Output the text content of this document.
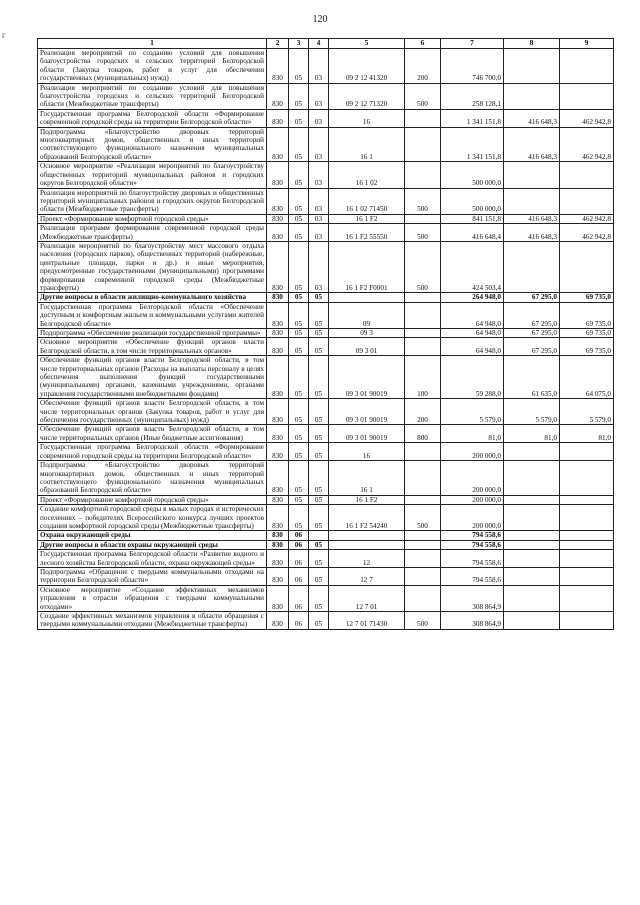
120
г
1	2	3	4	5	6	7	8	9
Реализация мероприятий по созданию условий для повышения благоустройства городских и сельских территорий Белгородской области (Закупка товаров, работ и услуг для обеспечения государственных (муниципальных) нужд)	830	05	03	09 2 12 41320	200	746 700,0		
Реализация мероприятий по созданию условий для повышения благоустройства городских и сельских территорий Белгородской области (Межбюджетные трансферты)	830	05	03	09 2 12 71320	500	258 128,1		
Государственная программа Белгородской области «Формирование современной городской среды на территории Белгородской области»	830	05	03	16		1 341 151,8	416 648,3	462 942,8
Подпрограмма «Благоустройство дворовых территорий многоквартирных домов, общественных и иных территорий соответствующего функционального назначения муниципальных образований Белгородской области»	830	05	03	16 1		1 341 151,8	416 648,3	462 942,8
Основное мероприятие «Реализация мероприятий по благоустройству общественных территорий муниципальных районов и городских округов Белгородской области»	830	05	03	16 1 02		500 000,0		
Реализация мероприятий по благоустройству дворовых и общественных территорий муниципальных районов и городских округов Белгородской области (Межбюджетные трансферты)	830	05	03	16 1 02 71450	500	500 000,0		
Проект «Формирование комфортной городской среды»	830	05	03	16 1 F2		841 151,8	416 648,3	462 942,8
Реализация программ формирования современной городской среды (Межбюджетные трансферты)	830	05	03	16 1 F2 55550	500	416 648,4	416 648,3	462 942,8
Реализация мероприятий по благоустройству мест массового отдыха населения (городских парков), общественных территорий (набережные, центральные площади, парки и др.) и иные мероприятия, предусмотренные государственными (муниципальными) программами формирования современной городской среды (Межбюджетные трансферты)	830	05	03	16 1 F2 F0001	500	424 503,4		
Другие вопросы в области жилищно-коммунального хозяйства	830	05	05			264 948,0	67 295,0	69 735,0
Государственная программа Белгородской области «Обеспечение доступным и комфортным жильем и коммунальными услугами жителей Белгородской области»	830	05	05	09		64 948,0	67 295,0	69 735,0
Подпрограмма «Обеспечение реализации государственной программы»	830	05	05	09 3		64 948,0	67 295,0	69 735,0
Основное мероприятие «Обеспечение функций органов власти Белгородской области, в том числе территориальных органов»	830	05	05	09 3 01		64 948,0	67 295,0	69 735,0
Обеспечение функций органов власти Белгородской области, в том числе территориальных органов (Расходы на выплаты персоналу в целях обеспечения выполнения функций государственными (муниципальными) органами, казенными учреждениями, органами управления государственными внебюджетными фондами)	830	05	05	09 3 01 90019	100	59 288,0	61 635,0	64 075,0
Обеспечение функций органов власти Белгородской области, в том числе территориальных органов (Закупка товаров, работ и услуг для обеспечения государственных (муниципальных) нужд)	830	05	05	09 3 01 90019	200	5 579,0	5 579,0	5 579,0
Обеспечение функций органов власти Белгородской области, в том числе территориальных органов (Иные бюджетные ассигнования)	830	05	05	09 3 01 90019	800	81,0	81,0	81,0
Государственная программа Белгородской области «Формирование современной городской среды на территории Белгородской области»	830	05	05	16		200 000,0		
Подпрограмма «Благоустройство дворовых территорий многоквартирных домов, общественных и иных территорий соответствующего функционального назначения муниципальных образований Белгородской области»	830	05	05	16 1		200 000,0		
Проект «Формирование комфортной городской среды»	830	05	05	16 1 F2		200 000,0		
Создание комфортной городской среды в малых городах и исторических поселениях – победителях Всероссийского конкурса лучших проектов создания комфортной городской среды (Межбюджетные трансферты)	830	05	05	16 1 F2 54240	500	200 000,0		
Охрана окружающей среды	830	06				794 558,6		
Другие вопросы в области охраны окружающей среды	830	06	05			794 558,6		
Государственная программа Белгородской области «Развитие водного и лесного хозяйства Белгородской области, охрана окружающей среды»	830	06	05	12		794 558,6		
Подпрограмма «Обращение с твердыми коммунальными отходами на территории Белгородской области»	830	06	05	12 7		794 558,6		
Основное мероприятие «Создание эффективных механизмов управления в отрасли обращения с твердыми коммунальными отходами»	830	06	05	12 7 01		308 864,9		
Создание эффективных механизмов управления в области обращения с твердыми коммунальными отходами (Межбюджетные трансферты)	830	06	05	12 7 01 71430	500	308 864,9		
